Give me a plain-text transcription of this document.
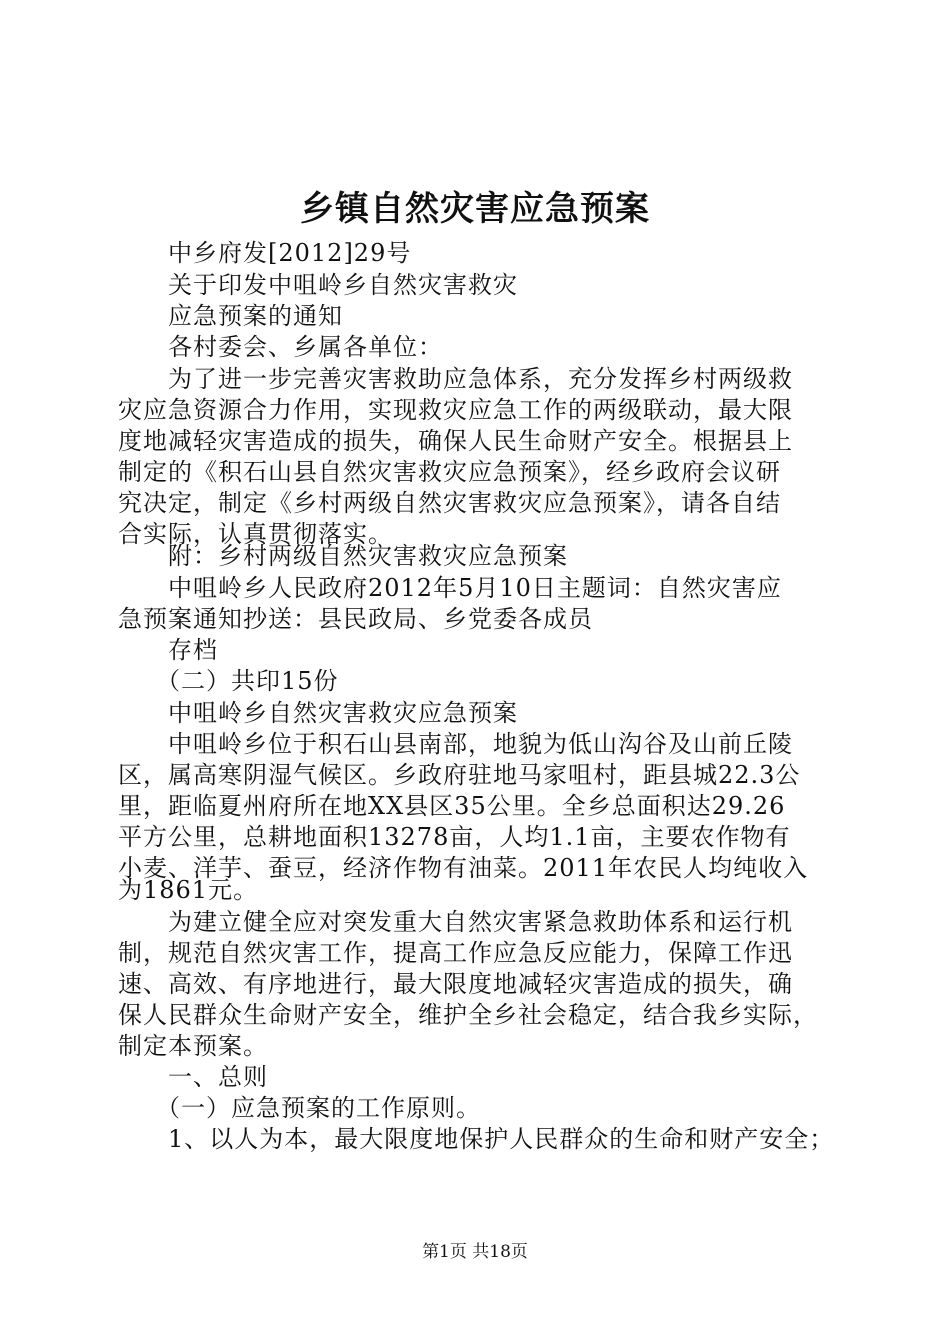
乡镇自然灾害应急预案
　　中乡府发[2012]29号
　　关于印发中咀岭乡自然灾害救灾
　　应急预案的通知
　　各村委会、乡属各单位：
　　为了进一步完善灾害救助应急体系，充分发挥乡村两级救
灾应急资源合力作用，实现救灾应急工作的两级联动，最大限
度地减轻灾害造成的损失，确保人民生命财产安全。根据县上
制定的《积石山县自然灾害救灾应急预案》，经乡政府会议研
究决定，制定《乡村两级自然灾害救灾应急预案》，请各自结
合实际，认真贯彻落实。
　　附：乡村两级自然灾害救灾应急预案
　　中咀岭乡人民政府2012年5月10日主题词：自然灾害应
急预案通知抄送：县民政局、乡党委各成员
　　存档
　　（二）共印15份
　　中咀岭乡自然灾害救灾应急预案
　　中咀岭乡位于积石山县南部，地貌为低山沟谷及山前丘陵
区，属高寒阴湿气候区。乡政府驻地马家咀村，距县城22.3公
里，距临夏州府所在地XX县区35公里。全乡总面积达29.26
平方公里，总耕地面积13278亩，人均1.1亩，主要农作物有
小麦、洋芋、蚕豆，经济作物有油菜。2011年农民人均纯收入
为1861元。
　　为建立健全应对突发重大自然灾害紧急救助体系和运行机
制，规范自然灾害工作，提高工作应急反应能力，保障工作迅
速、高效、有序地进行，最大限度地减轻灾害造成的损失，确
保人民群众生命财产安全，维护全乡社会稳定，结合我乡实际，
制定本预案。
　　一、总则
　　（一）应急预案的工作原则。
　　1、以人为本，最大限度地保护人民群众的生命和财产安全；
第1页 共18页
